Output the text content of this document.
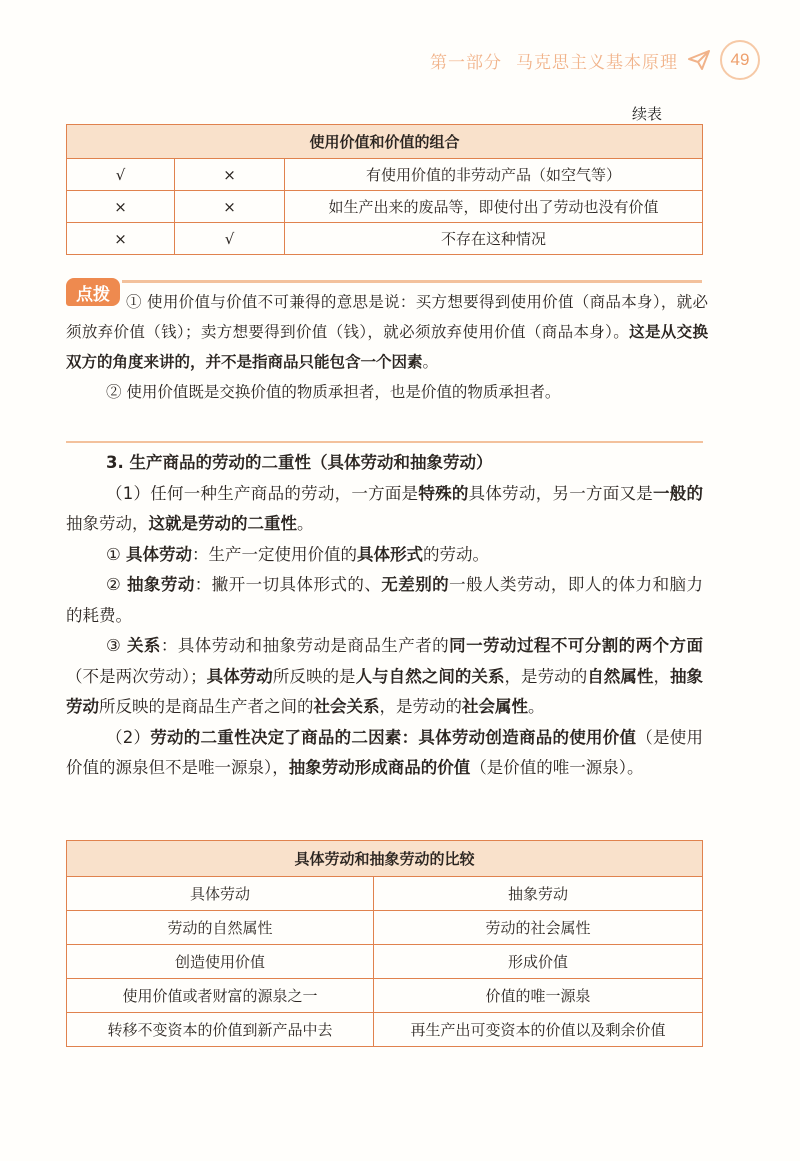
第一部分 马克思主义基本原理	49
续表
使用价值和价值的组合		
√	×	有使用价值的非劳动产品（如空气等）
×	×	如生产出来的废品等，即使付出了劳动也没有价值
×	√	不存在这种情况
点拨	① 使用价值与价值不可兼得的意思是说：买方想要得到使用价值（商品本身），就必须放弃价值（钱）；卖方想要得到价值（钱），就必须放弃使用价值（商品本身）。这是从交换双方的角度来讲的，并不是指商品只能包含一个因素。

② 使用价值既是交换价值的物质承担者，也是价值的物质承担者。

3. 生产商品的劳动的二重性（具体劳动和抽象劳动）

（1）任何一种生产商品的劳动，一方面是特殊的具体劳动，另一方面又是一般的抽象劳动，这就是劳动的二重性。

① 具体劳动：生产一定使用价值的具体形式的劳动。

② 抽象劳动：撇开一切具体形式的、无差别的一般人类劳动，即人的体力和脑力的耗费。

③ 关系：具体劳动和抽象劳动是商品生产者的同一劳动过程不可分割的两个方面（不是两次劳动）；具体劳动所反映的是人与自然之间的关系，是劳动的自然属性，抽象劳动所反映的是商品生产者之间的社会关系，是劳动的社会属性。

（2）劳动的二重性决定了商品的二因素：具体劳动创造商品的使用价值（是使用价值的源泉但不是唯一源泉），抽象劳动形成商品的价值（是价值的唯一源泉）。

具体劳动和抽象劳动的比较	
具体劳动	抽象劳动
劳动的自然属性	劳动的社会属性
创造使用价值	形成价值
使用价值或者财富的源泉之一	价值的唯一源泉
转移不变资本的价值到新产品中去	再生产出可变资本的价值以及剩余价值
